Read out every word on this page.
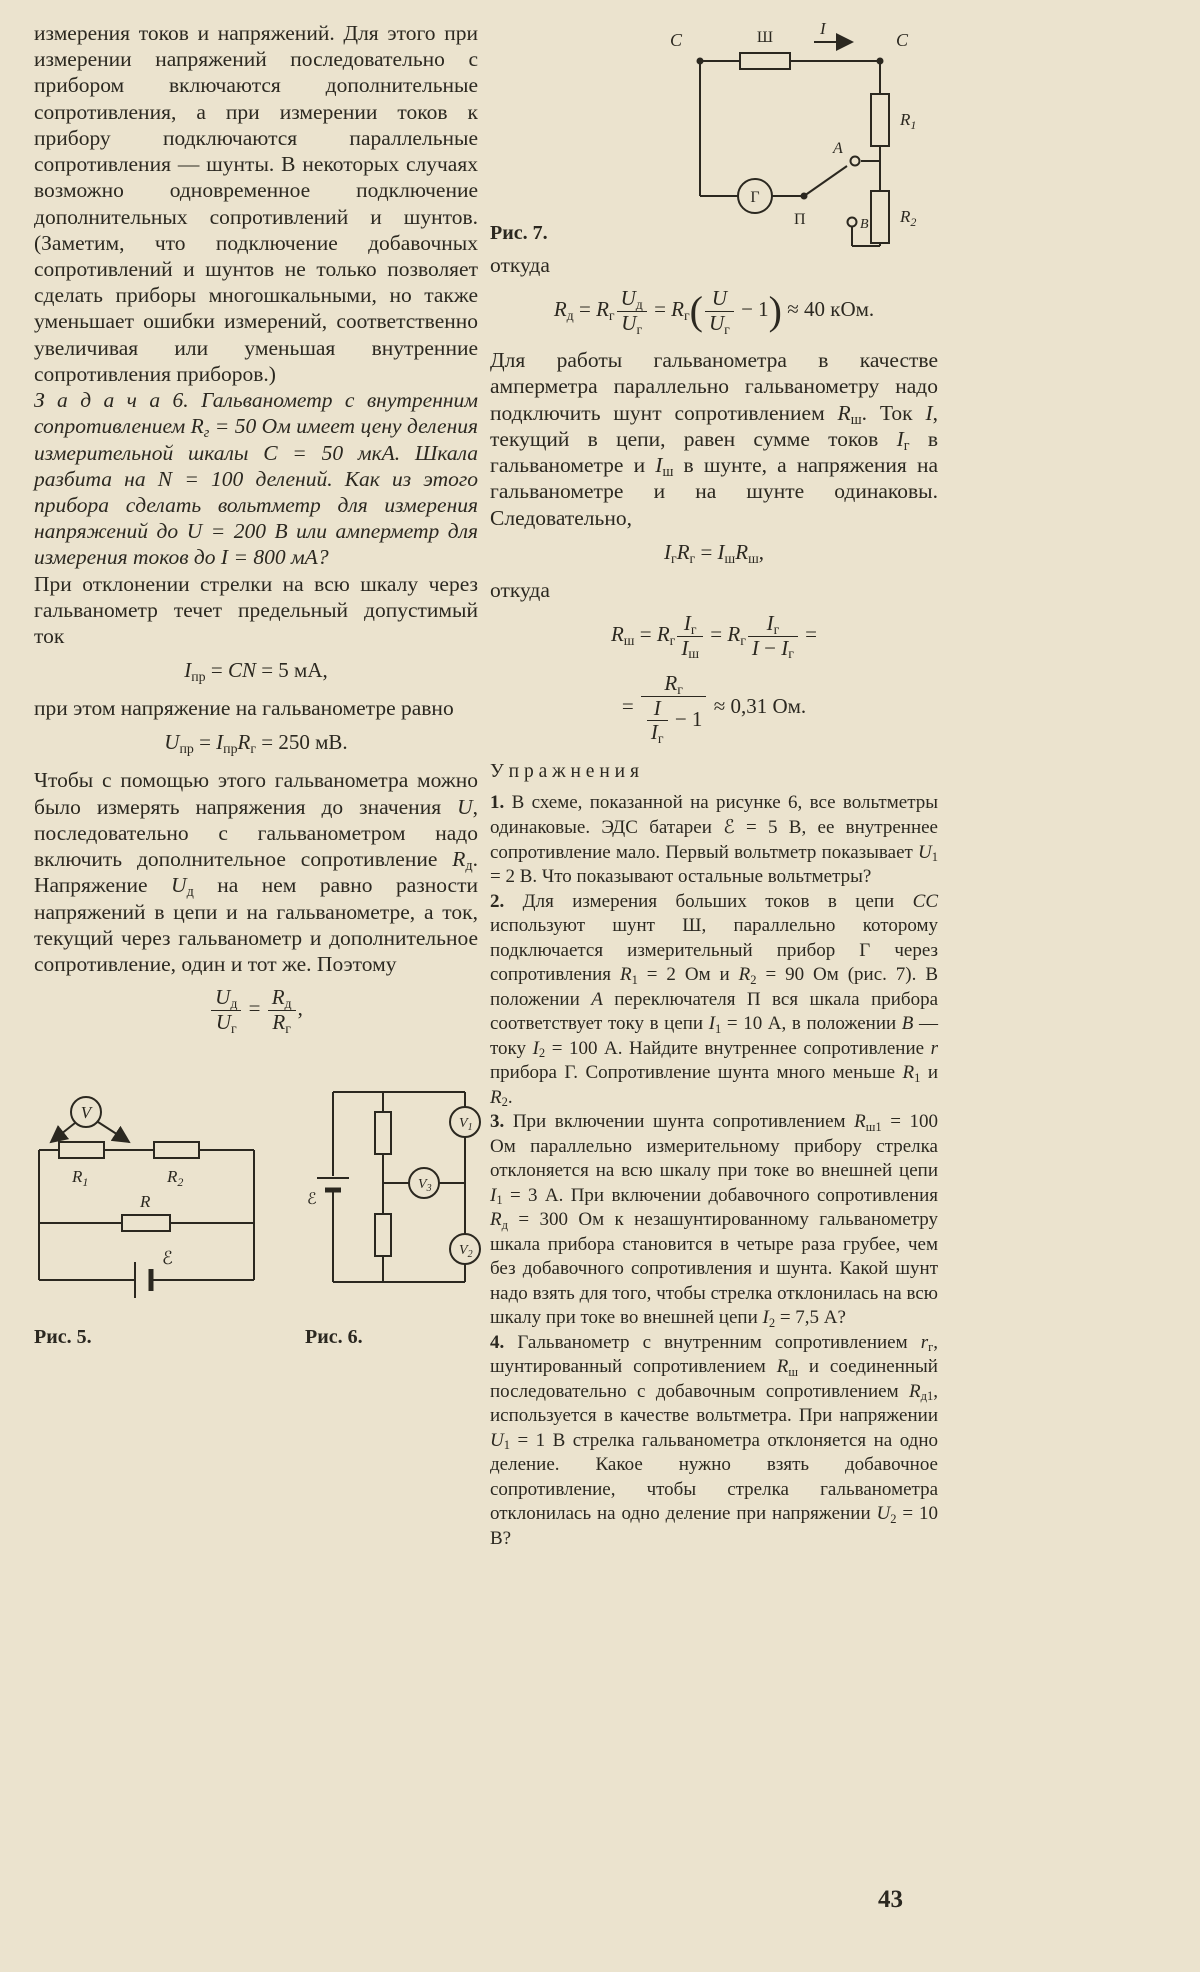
измерения токов и напряжений. Для этого при измерении напряжений последовательно с прибором включаются дополнительные сопротивления, а при измерении токов к прибору подключаются параллельные сопротивления — шунты. В некоторых случаях возможно одновременное подключение дополнительных сопротивлений и шунтов. (Заметим, что подключение добавочных сопротивлений и шунтов не только позволяет сделать приборы многошкальными, но также уменьшает ошибки измерений, соответственно увеличивая или уменьшая внутренние сопротивления приборов.)

З а д а ч а 6. Гальванометр с внутренним сопротивлением $R_г = 50$ Ом имеет цену деления измерительной шкалы С = 50 мкА. Шкала разбита на N = 100 делений. Как из этого прибора сделать вольтметр для измерения напряжений до U = 200 В или амперметр для измерения токов до I = 800 мА?

При отклонении стрелки на всю шкалу через гальванометр течет предельный допустимый ток

$I_{пр}$ = CN = 5 мА,

при этом напряжение на гальванометре равно

$U_{пр} = I_{пр}R_г = 250$ мВ.

Чтобы с помощью этого гальванометра можно было измерять напряжения до значения U, последовательно с гальванометром надо включить дополнительное сопротивление $R_д$. Напряжение $U_д$ на нем равно разности напряжений в цепи и на гальванометре, а ток, текущий через гальванометр и дополнительное сопротивление, один и тот же. Поэтому

$\frac{U_д}{U_г} = \frac{R_д}{R_г}$ ,
V
$R_1$	$R_2$
R
ℰ
Рис. 5.
ℰ
$V_1$
$V_3$
$V_2$
Рис. 6.
C	Ш	I
C
$R_1$
A
Г
П	B $R_2$
Рис. 7.

откуда

$R_д = R_г \frac{U_д}{U_г} = R_г( \frac{U}{U_г} - 1) \approx 40$ кОм.

Для работы гальванометра в качестве амперметра параллельно гальванометру надо подключить шунт сопротивлением $R_ш$. Ток I, текущий в цепи, равен сумме токов $I_г$ в гальванометре и $I_ш$ в шунте, а напряжения на гальванометре и на шунте одинаковы. Следовательно,

$I_гR_г = I_шR_ш$,

откуда

$R_ш = R_г \frac{I_г}{I_ш} = R_г \frac{I_г}{I - I_г}$ =
= $\frac{R_г}{\frac{I}{I_г} - 1} \approx 0,31$ Ом.

У п р а ж н е н и я

1. В схеме, показанной на рисунке 6, все вольтметры одинаковые. ЭДС батареи ℰ = 5 В, ее внутреннее сопротивление мало. Первый вольтметр показывает $U_1 = 2$ В. Что показывают остальные вольтметры?

2. Для измерения больших токов в цепи CC используют шунт Ш, параллельно которому подключается измерительный прибор Г через сопротивления $R_1 = 2$ Ом и $R_2 = 90$ Ом (рис. 7). В положении A переключателя П вся шкала прибора соответствует току в цепи $I_1 = 10$ А, в положении B — току $I_2 = 100$ А. Найдите внутреннее сопротивление r прибора Г. Сопротивление шунта много меньше $R_1$ и $R_2$.

3. При включении шунта сопротивлением $R_{ш1} = 100$ Ом параллельно измерительному прибору стрелка отклоняется на всю шкалу при токе во внешней цепи $I_1 = 3$ А. При включении добавочного сопротивления $R_д = 300$ Ом к незашунтированному гальванометру шкала прибора становится в четыре раза грубее, чем без добавочного сопротивления и шунта. Какой шунт надо взять для того, чтобы стрелка отклонилась на всю шкалу при токе во внешней цепи $I_2 = 7,5$ А?

4. Гальванометр с внутренним сопротивлением $r_г$, шунтированный сопротивлением $R_ш$ и соединенный последовательно с добавочным сопротивлением $R_{д1}$, используется в качестве вольтметра. При напряжении $U_1 = 1$ В стрелка гальванометра отклоняется на одно деление. Какое нужно взять добавочное сопротивление, чтобы стрелка гальванометра отклонилась на одно деление при напряжении $U_2 = 10$ В?

43
